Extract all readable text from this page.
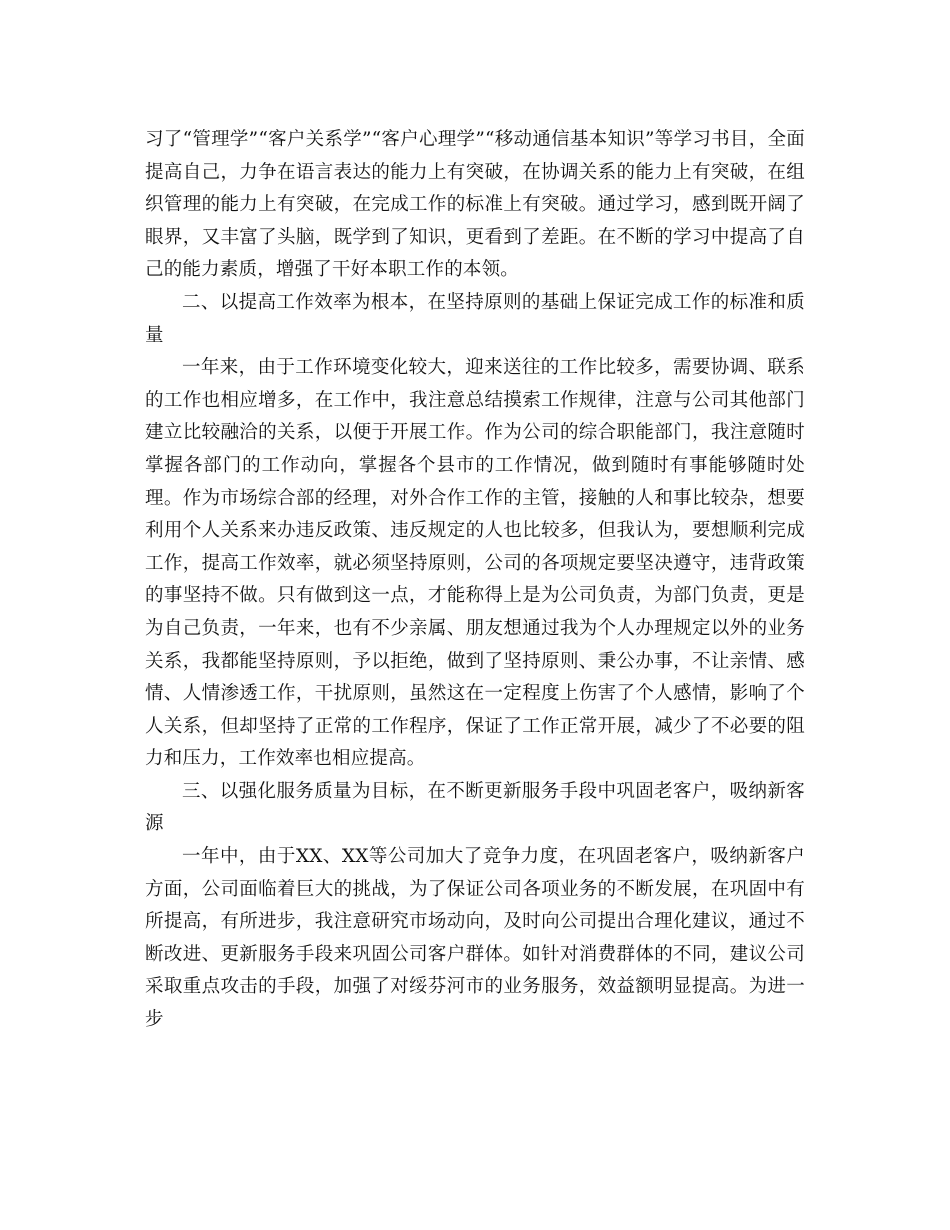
习了“管理学”“客户关系学”“客户心理学”“移动通信基本知识”等学习书目，全面提高自己，力争在语言表达的能力上有突破，在协调关系的能力上有突破，在组织管理的能力上有突破，在完成工作的标准上有突破。通过学习，感到既开阔了眼界，又丰富了头脑，既学到了知识，更看到了差距。在不断的学习中提高了自己的能力素质，增强了干好本职工作的本领。

二、以提高工作效率为根本，在坚持原则的基础上保证完成工作的标准和质量

一年来，由于工作环境变化较大，迎来送往的工作比较多，需要协调、联系的工作也相应增多，在工作中，我注意总结摸索工作规律，注意与公司其他部门建立比较融洽的关系，以便于开展工作。作为公司的综合职能部门，我注意随时掌握各部门的工作动向，掌握各个县市的工作情况，做到随时有事能够随时处理。作为市场综合部的经理，对外合作工作的主管，接触的人和事比较杂，想要利用个人关系来办违反政策、违反规定的人也比较多，但我认为，要想顺利完成工作，提高工作效率，就必须坚持原则，公司的各项规定要坚决遵守，违背政策的事坚持不做。只有做到这一点，才能称得上是为公司负责，为部门负责，更是为自己负责，一年来，也有不少亲属、朋友想通过我为个人办理规定以外的业务关系，我都能坚持原则，予以拒绝，做到了坚持原则、秉公办事，不让亲情、感情、人情渗透工作，干扰原则，虽然这在一定程度上伤害了个人感情，影响了个人关系，但却坚持了正常的工作程序，保证了工作正常开展，减少了不必要的阻力和压力，工作效率也相应提高。

三、以强化服务质量为目标，在不断更新服务手段中巩固老客户，吸纳新客源

一年中，由于XX、XX等公司加大了竞争力度，在巩固老客户，吸纳新客户方面，公司面临着巨大的挑战，为了保证公司各项业务的不断发展，在巩固中有所提高，有所进步，我注意研究市场动向，及时向公司提出合理化建议，通过不断改进、更新服务手段来巩固公司客户群体。如针对消费群体的不同，建议公司采取重点攻击的手段，加强了对绥芬河市的业务服务，效益额明显提高。为进一步
